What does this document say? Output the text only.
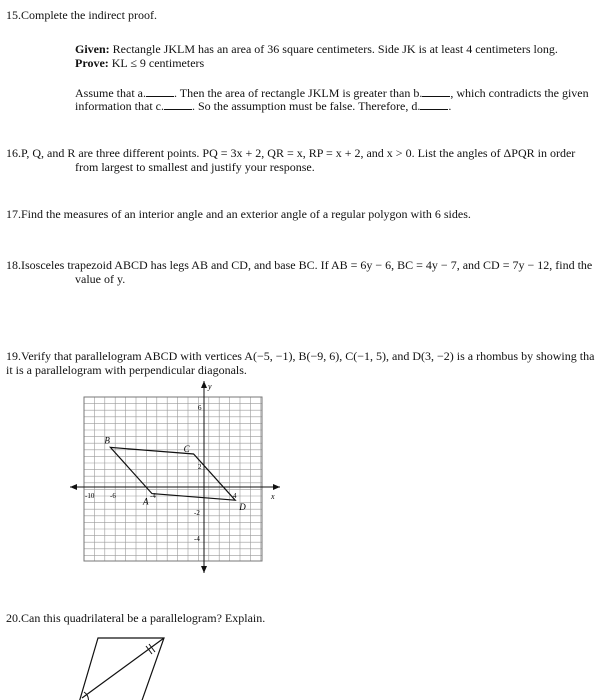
15.Complete the indirect proof.
Given: Rectangle JKLM has an area of 36 square centimeters. Side JK is at least 4 centimeters long.
Prove: KL ≤ 9 centimeters
Assume that a. . Then the area of rectangle JKLM is greater than b. , which contradicts the given
information that c. . So the assumption must be false. Therefore, d. .
16.P, Q, and R are three different points. PQ = 3x + 2, QR = x, RP = x + 2, and x > 0. List the angles of ΔPQR in order
from largest to smallest and justify your response.
17.Find the measures of an interior angle and an exterior angle of a regular polygon with 6 sides.
18.Isosceles trapezoid ABCD has legs AB and CD, and base BC. If AB = 6y − 6, BC = 4y − 7, and CD = 7y − 12, find the
value of y.
19.Verify that parallelogram ABCD with vertices A(−5, −1), B(−9, 6), C(−1, 5), and D(3, −2) is a rhombus by showing tha
it is a parallelogram with perpendicular diagonals.
y
x
-10 -6	-4	4
6
2
-2
-4
A
B
C
D
20.Can this quadrilateral be a parallelogram? Explain.
